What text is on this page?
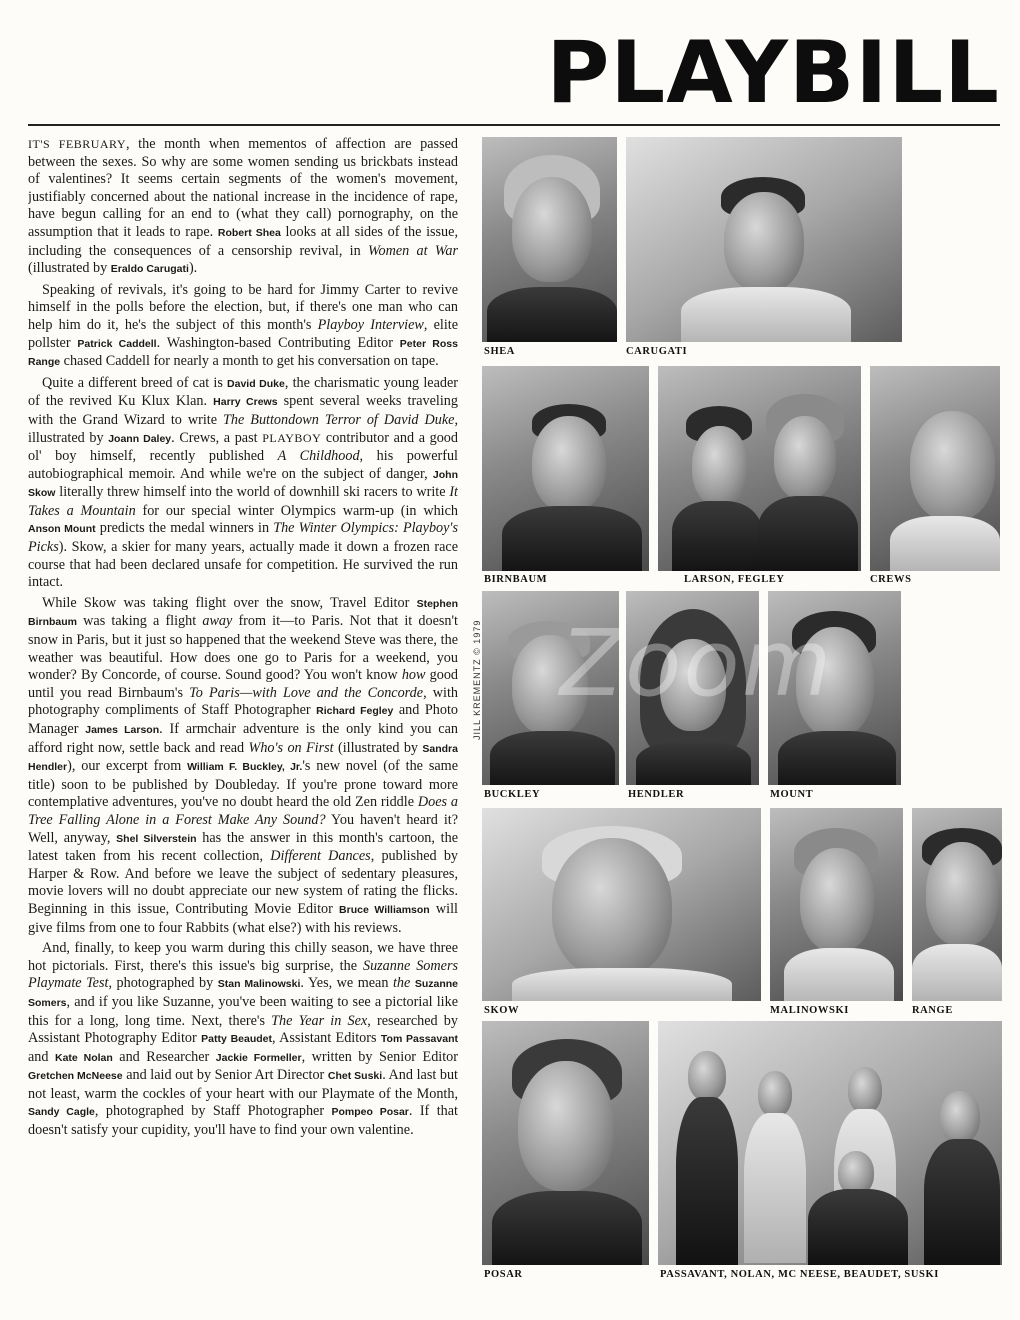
PLAYBILL

IT'S FEBRUARY, the month when mementos of affection are passed between the sexes. So why are some women sending us brickbats instead of valentines? It seems certain segments of the women's movement, justifiably concerned about the national increase in the incidence of rape, have begun calling for an end to (what they call) pornography, on the assumption that it leads to rape. Robert Shea looks at all sides of the issue, including the consequences of a censorship revival, in Women at War (illustrated by Eraldo Carugati).

Speaking of revivals, it's going to be hard for Jimmy Carter to revive himself in the polls before the election, but, if there's one man who can help him do it, he's the subject of this month's Playboy Interview, elite pollster Patrick Caddell. Washington-based Contributing Editor Peter Ross Range chased Caddell for nearly a month to get his conversation on tape.

Quite a different breed of cat is David Duke, the charismatic young leader of the revived Ku Klux Klan. Harry Crews spent several weeks traveling with the Grand Wizard to write The Buttondown Terror of David Duke, illustrated by Joann Daley. Crews, a past PLAYBOY contributor and a good ol' boy himself, recently published A Childhood, his powerful autobiographical memoir. And while we're on the subject of danger, John Skow literally threw himself into the world of downhill ski racers to write It Takes a Mountain for our special winter Olympics warm-up (in which Anson Mount predicts the medal winners in The Winter Olympics: Playboy's Picks). Skow, a skier for many years, actually made it down a frozen race course that had been declared unsafe for competition. He survived the run intact.

While Skow was taking flight over the snow, Travel Editor Stephen Birnbaum was taking a flight away from it—to Paris. Not that it doesn't snow in Paris, but it just so happened that the weekend Steve was there, the weather was beautiful. How does one go to Paris for a weekend, you wonder? By Concorde, of course. Sound good? You won't know how good until you read Birnbaum's To Paris—with Love and the Concorde, with photography compliments of Staff Photographer Richard Fegley and Photo Manager James Larson. If armchair adventure is the only kind you can afford right now, settle back and read Who's on First (illustrated by Sandra Hendler), our excerpt from William F. Buckley, Jr.'s new novel (of the same title) soon to be published by Doubleday. If you're prone toward more contemplative adventures, you've no doubt heard the old Zen riddle Does a Tree Falling Alone in a Forest Make Any Sound? You haven't heard it? Well, anyway, Shel Silverstein has the answer in this month's cartoon, the latest taken from his recent collection, Different Dances, published by Harper & Row. And before we leave the subject of sedentary pleasures, movie lovers will no doubt appreciate our new system of rating the flicks. Beginning in this issue, Contributing Movie Editor Bruce Williamson will give films from one to four Rabbits (what else?) with his reviews.

And, finally, to keep you warm during this chilly season, we have three hot pictorials. First, there's this issue's big surprise, the Suzanne Somers Playmate Test, photographed by Stan Malinowski. Yes, we mean the Suzanne Somers, and if you like Suzanne, you've been waiting to see a pictorial like this for a long, long time. Next, there's The Year in Sex, researched by Assistant Photography Editor Patty Beaudet, Assistant Editors Tom Passavant and Kate Nolan and Researcher Jackie Formeller, written by Senior Editor Gretchen McNeese and laid out by Senior Art Director Chet Suski. And last but not least, warm the cockles of your heart with our Playmate of the Month, Sandy Cagle, photographed by Staff Photographer Pompeo Posar. If that doesn't satisfy your cupidity, you'll have to find your own valentine.

JILL KREMENTZ © 1979
SHEA	CARUGATI
BIRNBAUM	LARSON, FEGLEY	CREWS
BUCKLEY	HENDLER	MOUNT
Zoom
SKOW	MALINOWSKI	RANGE
POSAR	PASSAVANT, NOLAN, MC NEESE, BEAUDET, SUSKI
